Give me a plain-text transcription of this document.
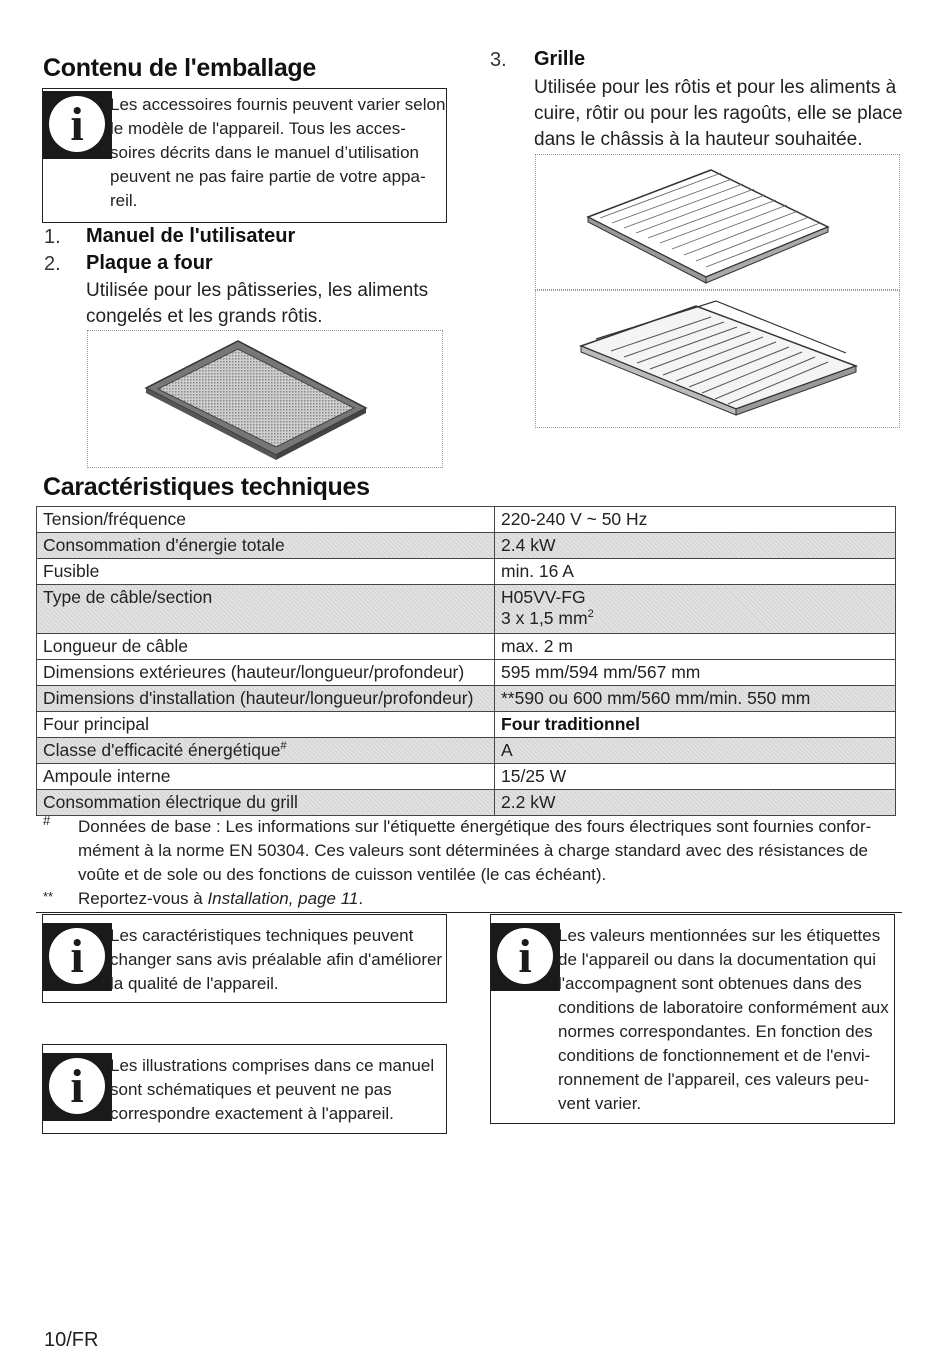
Contenu de l'emballage
i	Les accessoires fournis peuvent varier selon
le modèle de l'appareil. Tous les acces-
soires décrits dans le manuel d’utilisation
peuvent ne pas faire partie de votre appa-
reil.
1.	Manuel de l'utilisateur
2.	Plaque a four
Utilisée pour les pâtisseries, les aliments
congelés et les grands rôtis.
3.	Grille
Utilisée pour les rôtis et pour les aliments à
cuire, rôtir ou pour les ragoûts, elle se place
dans le châssis à la hauteur souhaitée.
Caractéristiques techniques
Tension/fréquence	220-240 V ~ 50 Hz
Consommation d'énergie totale	2.4 kW
Fusible	min. 16 A
Type de câble/section	H05VV-FG
3 x 1,5 $mm^2$

Longueur de câble	max. 2 m
Dimensions extérieures (hauteur/longueur/profondeur)	595 mm/594 mm/567 mm
Dimensions d'installation (hauteur/longueur/profondeur)	**590 ou 600 mm/560 mm/min. 550 mm
Four principal	Four traditionnel
Classe d'efficacité énergétique#	A
Ampoule interne	15/25 W
Consommation électrique du grill	2.2 kW
# Données de base : Les informations sur l'étiquette énergétique des fours électriques sont fournies confor-
mément à la norme EN 50304. Ces valeurs sont déterminées à charge standard avec des résistances de
voûte et de sole ou des fonctions de cuisson ventilée (le cas échéant).
** Reportez-vous à Installation, page 11.
i	Les caractéristiques techniques peuvent
changer sans avis préalable afin d'améliorer
la qualité de l'appareil.
i	Les illustrations comprises dans ce manuel
sont schématiques et peuvent ne pas
correspondre exactement à l'appareil.
i	Les valeurs mentionnées sur les étiquettes
de l'appareil ou dans la documentation qui
l'accompagnent sont obtenues dans des
conditions de laboratoire conformément aux
normes correspondantes. En fonction des
conditions de fonctionnement et de l'envi-
ronnement de l'appareil, ces valeurs peu-
vent varier.
10/FR
